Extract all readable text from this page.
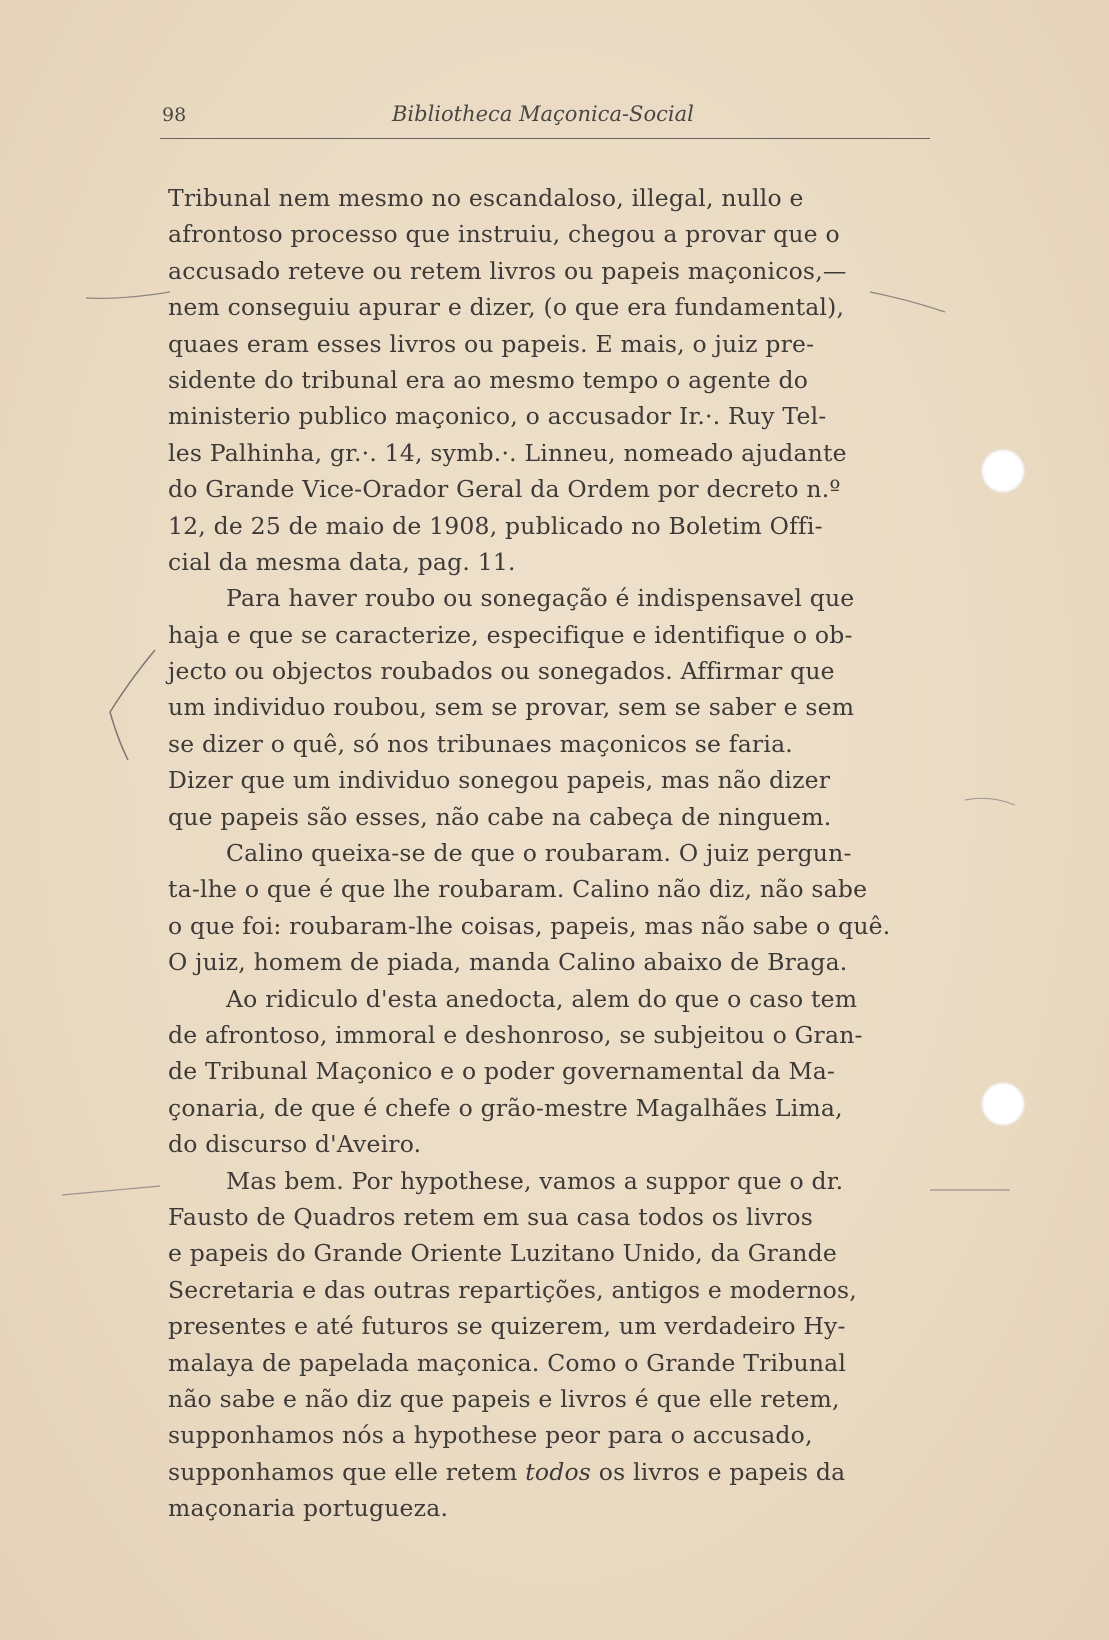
98	Bibliotheca Maçonica-Social
Tribunal nem mesmo no escandaloso, illegal, nullo e
afrontoso processo que instruiu, chegou a provar que o
accusado reteve ou retem livros ou papeis maçonicos,—
nem conseguiu apurar e dizer, (o que era fundamental),
quaes eram esses livros ou papeis. E mais, o juiz pre-
sidente do tribunal era ao mesmo tempo o agente do
ministerio publico maçonico, o accusador Ir.·. Ruy Tel-
les Palhinha, gr.·. 14, symb.·. Linneu, nomeado ajudante
do Grande Vice-Orador Geral da Ordem por decreto n.º
12, de 25 de maio de 1908, publicado no Boletim Offi-
cial da mesma data, pag. 11.
Para haver roubo ou sonegação é indispensavel que
haja e que se caracterize, especifique e identifique o ob-
jecto ou objectos roubados ou sonegados. Affirmar que
um individuo roubou, sem se provar, sem se saber e sem
se dizer o quê, só nos tribunaes maçonicos se faria.
Dizer que um individuo sonegou papeis, mas não dizer
que papeis são esses, não cabe na cabeça de ninguem.
Calino queixa-se de que o roubaram. O juiz pergun-
ta-lhe o que é que lhe roubaram. Calino não diz, não sabe
o que foi: roubaram-lhe coisas, papeis, mas não sabe o quê.
O juiz, homem de piada, manda Calino abaixo de Braga.
Ao ridiculo d'esta anedocta, alem do que o caso tem
de afrontoso, immoral e deshonroso, se subjeitou o Gran-
de Tribunal Maçonico e o poder governamental da Ma-
çonaria, de que é chefe o grão-mestre Magalhães Lima,
do discurso d'Aveiro.
Mas bem. Por hypothese, vamos a suppor que o dr.
Fausto de Quadros retem em sua casa todos os livros
e papeis do Grande Oriente Luzitano Unido, da Grande
Secretaria e das outras repartições, antigos e modernos,
presentes e até futuros se quizerem, um verdadeiro Hy-
malaya de papelada maçonica. Como o Grande Tribunal
não sabe e não diz que papeis e livros é que elle retem,
supponhamos nós a hypothese peor para o accusado,
supponhamos que elle retem todos os livros e papeis da
maçonaria portugueza.
